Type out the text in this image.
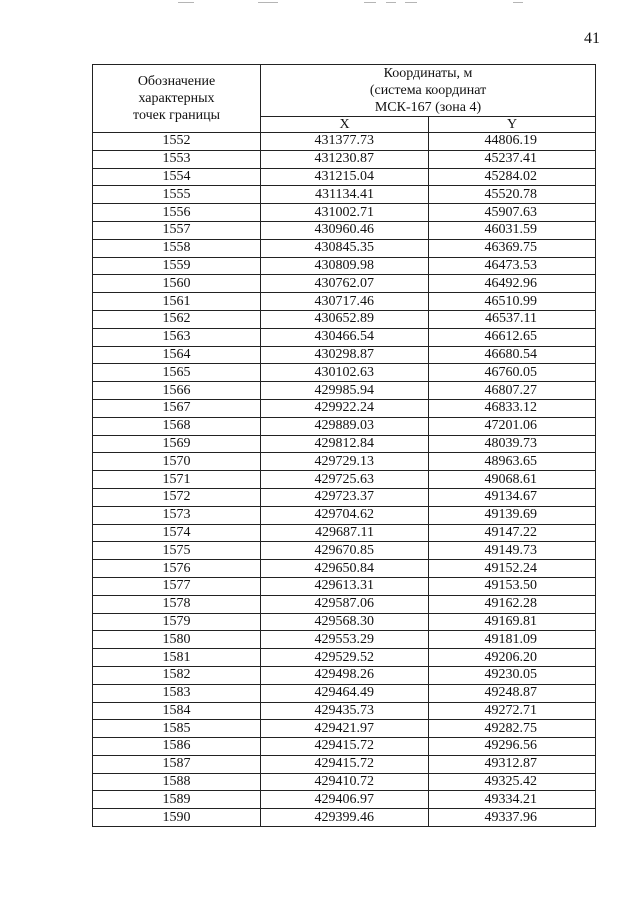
41
Обозначение
характерных
точек границы	Координаты, м
(система координат
МСК-167 (зона 4)	
	X	Y
1552	431377.73	44806.19
1553	431230.87	45237.41
1554	431215.04	45284.02
1555	431134.41	45520.78
1556	431002.71	45907.63
1557	430960.46	46031.59
1558	430845.35	46369.75
1559	430809.98	46473.53
1560	430762.07	46492.96
1561	430717.46	46510.99
1562	430652.89	46537.11
1563	430466.54	46612.65
1564	430298.87	46680.54
1565	430102.63	46760.05
1566	429985.94	46807.27
1567	429922.24	46833.12
1568	429889.03	47201.06
1569	429812.84	48039.73
1570	429729.13	48963.65
1571	429725.63	49068.61
1572	429723.37	49134.67
1573	429704.62	49139.69
1574	429687.11	49147.22
1575	429670.85	49149.73
1576	429650.84	49152.24
1577	429613.31	49153.50
1578	429587.06	49162.28
1579	429568.30	49169.81
1580	429553.29	49181.09
1581	429529.52	49206.20
1582	429498.26	49230.05
1583	429464.49	49248.87
1584	429435.73	49272.71
1585	429421.97	49282.75
1586	429415.72	49296.56
1587	429415.72	49312.87
1588	429410.72	49325.42
1589	429406.97	49334.21
1590	429399.46	49337.96
